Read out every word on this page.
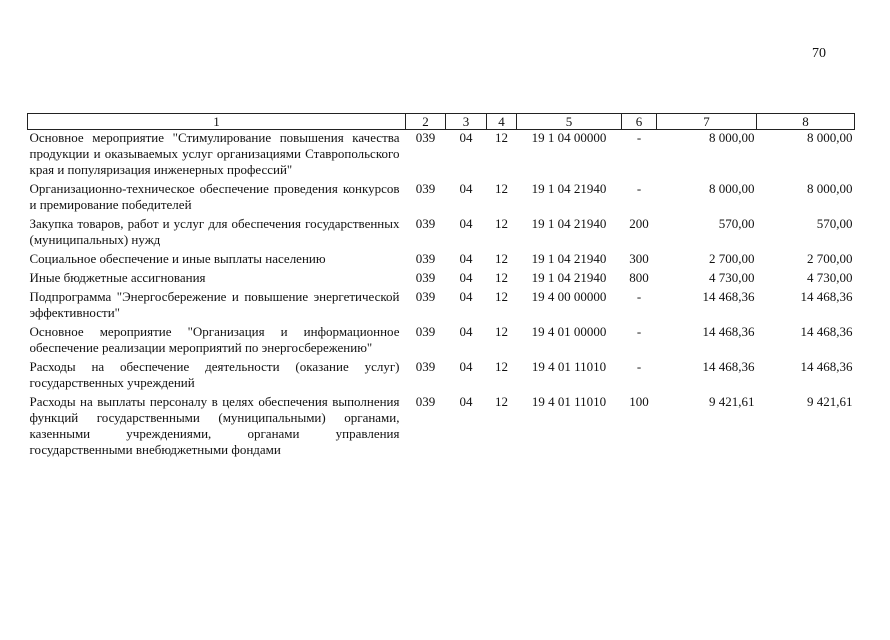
70
1	2	3	4	5	6	7	8
Основное мероприятие "Стимулирование повышения качества продукции и оказываемых услуг организациями Ставропольского края и популяризация инженерных профессий"	039	04	12	19 1 04 00000	-	8 000,00	8 000,00
Организационно-техническое обеспечение проведения конкурсов и премирование победителей	039	04	12	19 1 04 21940	-	8 000,00	8 000,00
Закупка товаров, работ и услуг для обеспечения государственных (муниципальных) нужд	039	04	12	19 1 04 21940	200	570,00	570,00
Социальное обеспечение и иные выплаты населению	039	04	12	19 1 04 21940	300	2 700,00	2 700,00
Иные бюджетные ассигнования	039	04	12	19 1 04 21940	800	4 730,00	4 730,00
Подпрограмма "Энергосбережение и повышение энергетической эффективности"	039	04	12	19 4 00 00000	-	14 468,36	14 468,36
Основное мероприятие "Организация и информационное обеспечение реализации мероприятий по энергосбережению"	039	04	12	19 4 01 00000	-	14 468,36	14 468,36
Расходы на обеспечение деятельности (оказание услуг) государственных учреждений	039	04	12	19 4 01 11010	-	14 468,36	14 468,36
Расходы на выплаты персоналу в целях обеспечения выполнения функций государственными (муниципальными) органами, казенными учреждениями, органами управления государственными внебюджетными фондами	039	04	12	19 4 01 11010	100	9 421,61	9 421,61
